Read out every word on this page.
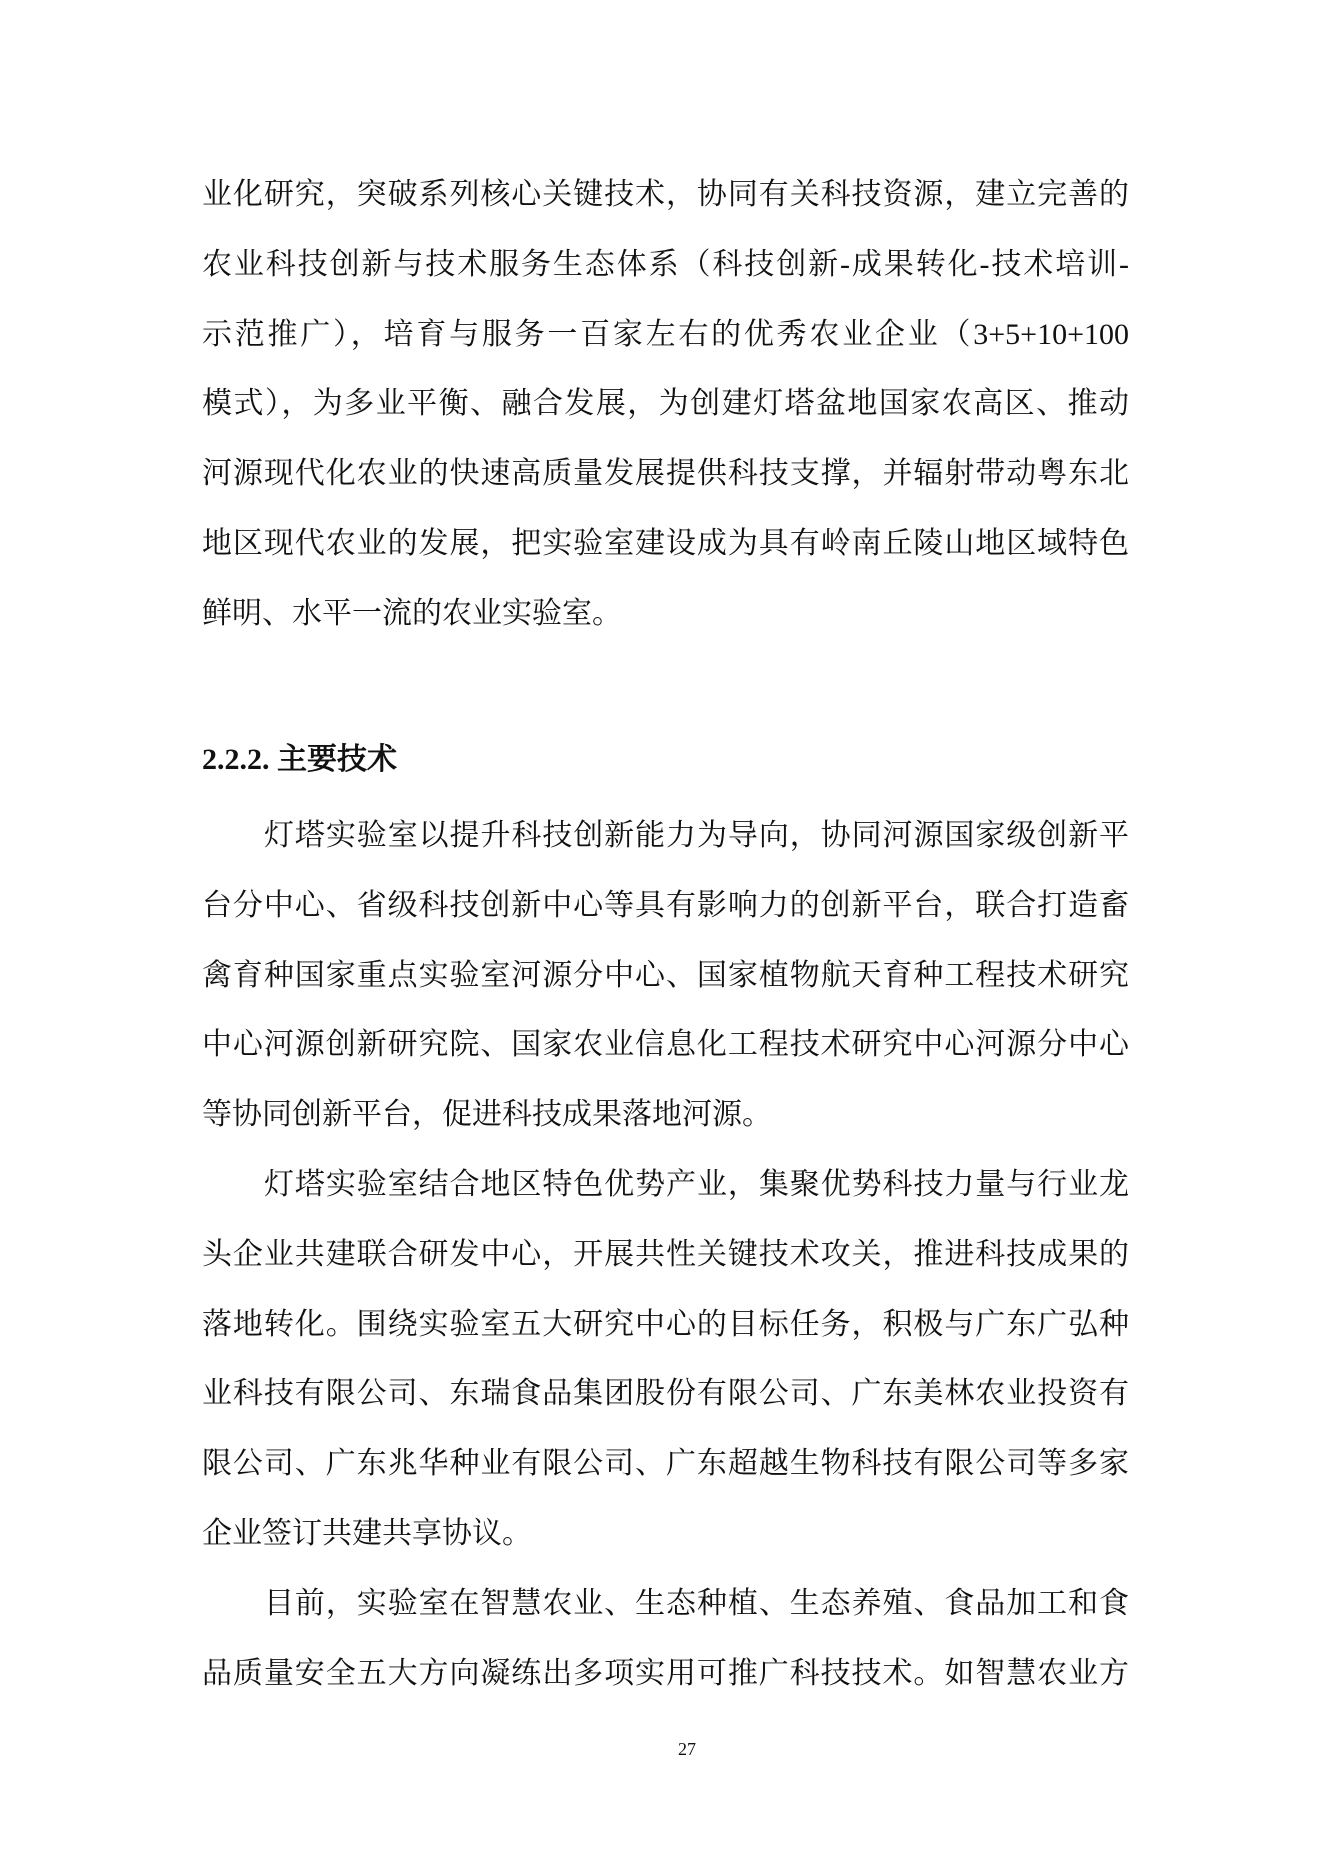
业化研究，突破系列核心关键技术，协同有关科技资源，建立完善的
农业科技创新与技术服务生态体系（科技创新-成果转化-技术培训-
示范推广），培育与服务一百家左右的优秀农业企业（3+5+10+100
模式），为多业平衡、融合发展，为创建灯塔盆地国家农高区、推动
河源现代化农业的快速高质量发展提供科技支撑，并辐射带动粤东北
地区现代农业的发展，把实验室建设成为具有岭南丘陵山地区域特色
鲜明、水平一流的农业实验室。
2.2.2. 主要技术
灯塔实验室以提升科技创新能力为导向，协同河源国家级创新平
台分中心、省级科技创新中心等具有影响力的创新平台，联合打造畜
禽育种国家重点实验室河源分中心、国家植物航天育种工程技术研究
中心河源创新研究院、国家农业信息化工程技术研究中心河源分中心
等协同创新平台，促进科技成果落地河源。
灯塔实验室结合地区特色优势产业，集聚优势科技力量与行业龙
头企业共建联合研发中心，开展共性关键技术攻关，推进科技成果的
落地转化。围绕实验室五大研究中心的目标任务，积极与广东广弘种
业科技有限公司、东瑞食品集团股份有限公司、广东美林农业投资有
限公司、广东兆华种业有限公司、广东超越生物科技有限公司等多家
企业签订共建共享协议。
目前，实验室在智慧农业、生态种植、生态养殖、食品加工和食
品质量安全五大方向凝练出多项实用可推广科技技术。如智慧农业方
27
